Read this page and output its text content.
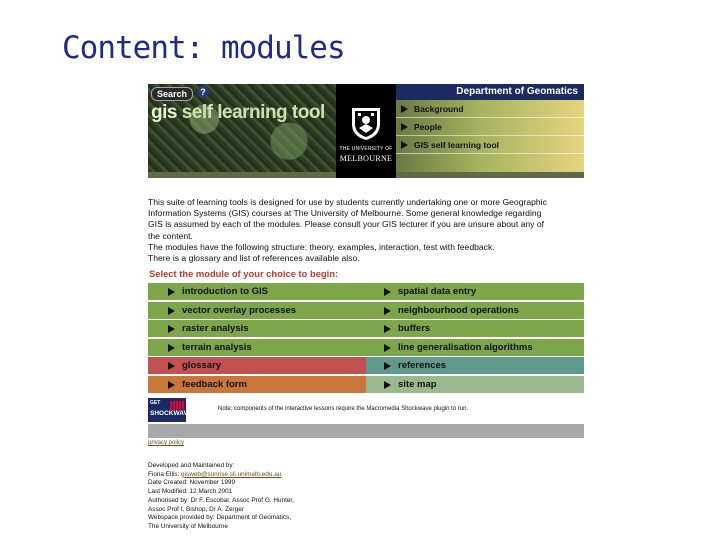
Content: modules
Search	?
gis self learning tool
THE UNIVERSITY OF
MELBOURNE
Department of Geomatics
Background
People
GIS self learning tool

This suite of learning tools is designed for use by students currently undertaking one or more Geographic

Information Systems (GIS) courses at The University of Melbourne. Some general knowledge regarding

GIS is assumed by each of the modules. Please consult your GIS lecturer if you are unsure about any of

the content.

The modules have the following structure: theory, examples, interaction, test with feedback.

There is a glossary and list of references available also.

Select the module of your choice to begin:
introduction to GIS
vector overlay processes
raster analysis
terrain analysis
glossary
feedback form
spatial data entry
neighbourhood operations
buffers
line generalisation algorithms
references
site map
GET
SHOCKWAVE
Note: components of the interactive lessons require the Macromedia Shockwave plugin to run.
privacy policy
Developed and Maintained by:
Fiona Ellis: gisweb@sunrise.sli.unimelb.edu.au
Date Created: November 1999
Last Modified: 12 March 2001
Authorised by: Dr F. Escobar, Assoc Prof G. Hunter,
Assoc Prof I. Bishop, Dr A. Zerger
Webspace provided by: Department of Geomatics,
The University of Melbourne
